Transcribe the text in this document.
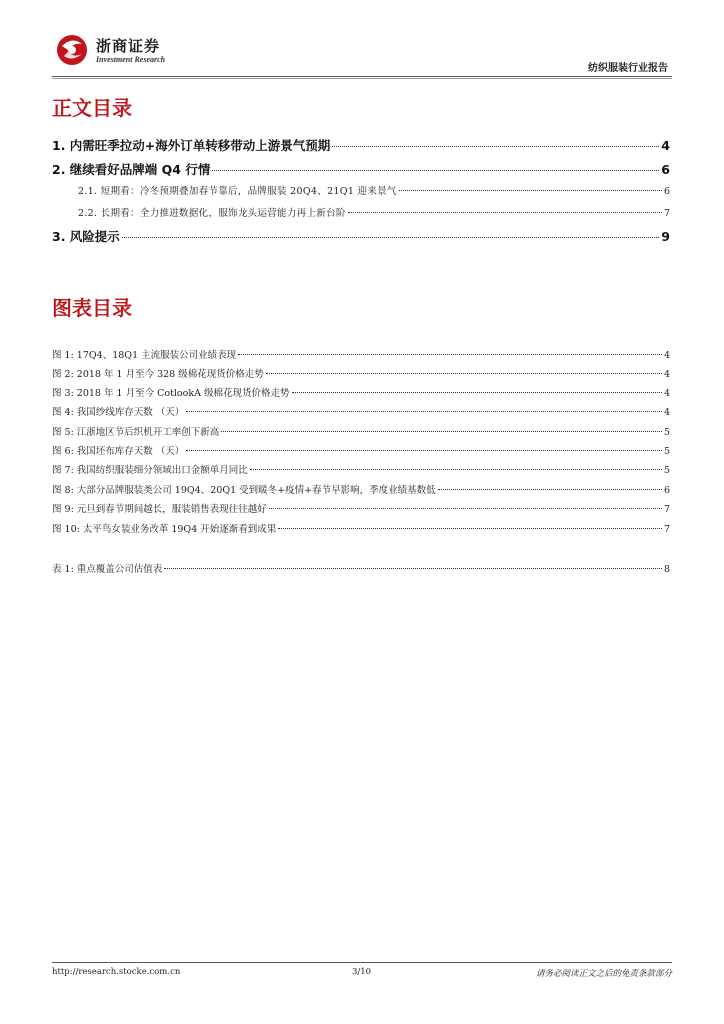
浙商证券
Investment Research
纺织服装行业报告
正文目录
1. 内需旺季拉动+海外订单转移带动上游景气预期	4
2. 继续看好品牌端 Q4 行情	6
2.1. 短期看：冷冬预期叠加春节靠后，品牌服装 20Q4、21Q1 迎来景气	6
2.2. 长期看：全力推进数据化，服饰龙头运营能力再上新台阶	7
3. 风险提示	9
图表目录
图 1: 17Q4、18Q1 主流服装公司业绩表现	4
图 2: 2018 年 1 月至今 328 级棉花现货价格走势	4
图 3: 2018 年 1 月至今 CotlookA 级棉花现货价格走势	4
图 4: 我国纱线库存天数 （天）	4
图 5: 江浙地区节后织机开工率创下新高	5
图 6: 我国坯布库存天数 （天）	5
图 7: 我国纺织服装细分领域出口金额单月同比	5
图 8: 大部分品牌服装类公司 19Q4、20Q1 受到暖冬+疫情+春节早影响，季度业绩基数低	6
图 9: 元旦到春节期间越长，服装销售表现往往越好	7
图 10: 太平鸟女装业务改革 19Q4 开始逐渐看到成果	7
表 1: 重点覆盖公司估值表	8
http://research.stocke.com.cn	3/10	请务必阅读正文之后的免责条款部分
